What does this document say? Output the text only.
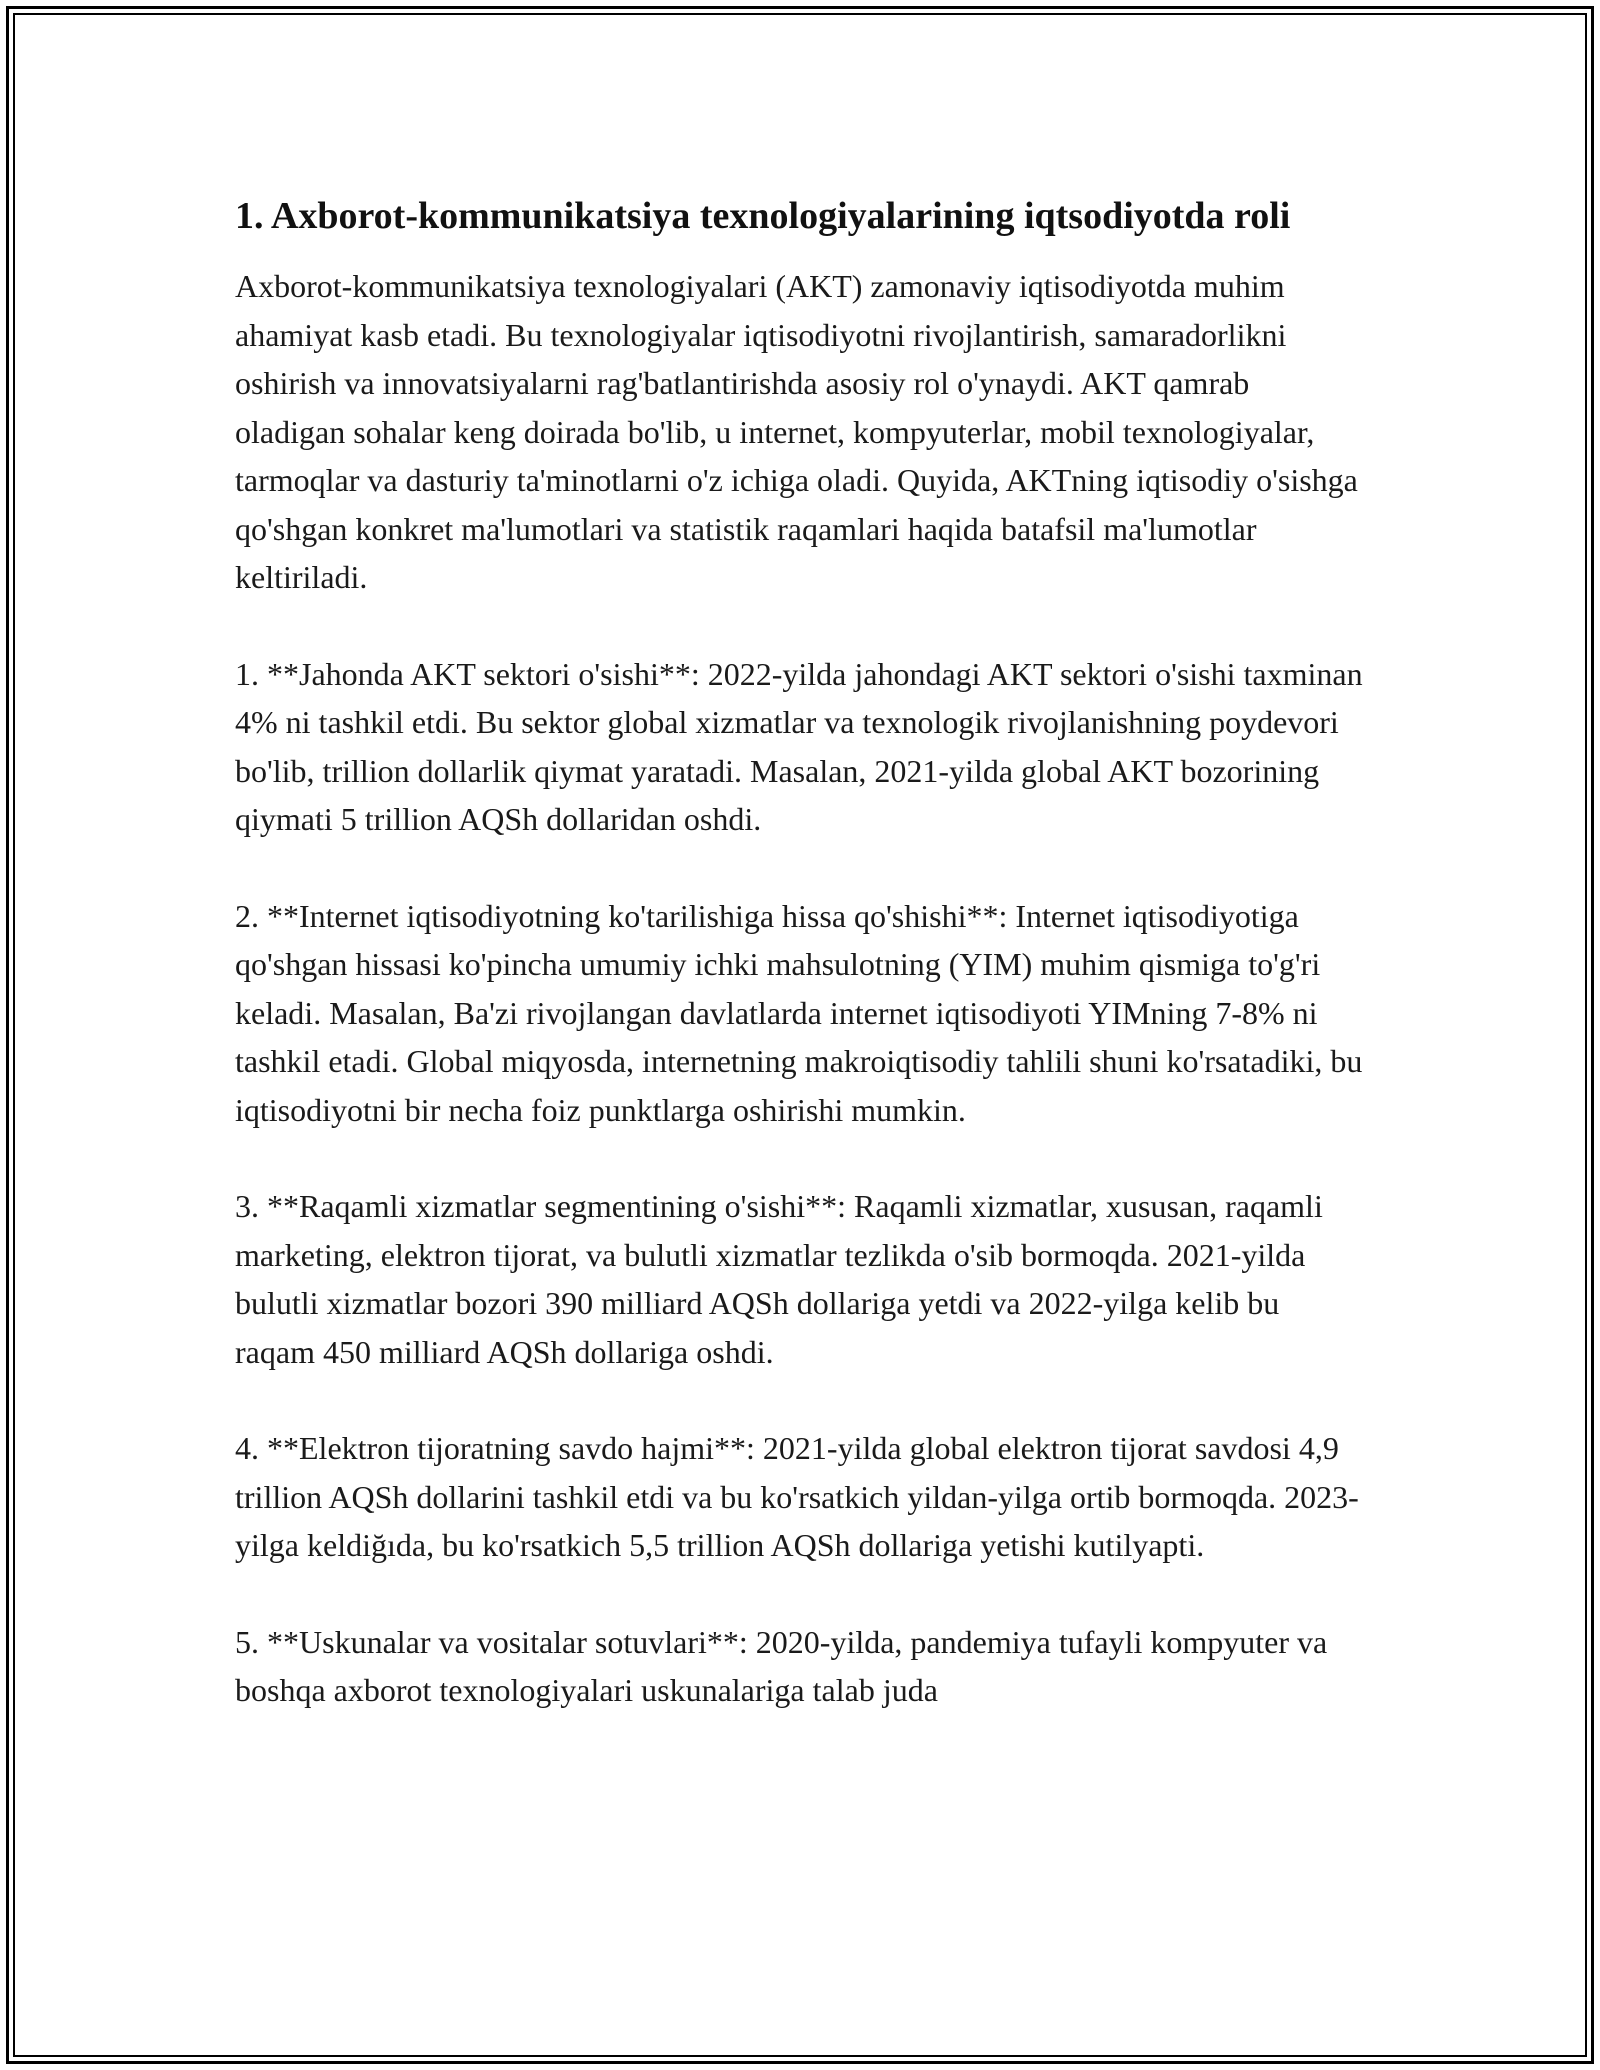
1. Axborot-kommunikatsiya texnologiyalarining iqtsodiyotda roli

Axborot-kommunikatsiya texnologiyalari (AKT) zamonaviy iqtisodiyotda muhim ahamiyat kasb etadi. Bu texnologiyalar iqtisodiyotni rivojlantirish, samaradorlikni oshirish va innovatsiyalarni rag'batlantirishda asosiy rol o'ynaydi. AKT qamrab oladigan sohalar keng doirada bo'lib, u internet, kompyuterlar, mobil texnologiyalar, tarmoqlar va dasturiy ta'minotlarni o'z ichiga oladi. Quyida, AKTning iqtisodiy o'sishga qo'shgan konkret ma'lumotlari va statistik raqamlari haqida batafsil ma'lumotlar keltiriladi.

1. **Jahonda AKT sektori o'sishi**: 2022-yilda jahondagi AKT sektori o'sishi taxminan 4% ni tashkil etdi. Bu sektor global xizmatlar va texnologik rivojlanishning poydevori bo'lib, trillion dollarlik qiymat yaratadi. Masalan, 2021-yilda global AKT bozorining qiymati 5 trillion AQSh dollaridan oshdi.

2. **Internet iqtisodiyotning ko'tarilishiga hissa qo'shishi**: Internet iqtisodiyotiga qo'shgan hissasi ko'pincha umumiy ichki mahsulotning (YIM) muhim qismiga to'g'ri keladi. Masalan, Ba'zi rivojlangan davlatlarda internet iqtisodiyoti YIMning 7-8% ni tashkil etadi. Global miqyosda, internetning makroiqtisodiy tahlili shuni ko'rsatadiki, bu iqtisodiyotni bir necha foiz punktlarga oshirishi mumkin.

3. **Raqamli xizmatlar segmentining o'sishi**: Raqamli xizmatlar, xususan, raqamli marketing, elektron tijorat, va bulutli xizmatlar tezlikda o'sib bormoqda. 2021-yilda bulutli xizmatlar bozori 390 milliard AQSh dollariga yetdi va 2022-yilga kelib bu raqam 450 milliard AQSh dollariga oshdi.

4. **Elektron tijoratning savdo hajmi**: 2021-yilda global elektron tijorat savdosi 4,9 trillion AQSh dollarini tashkil etdi va bu ko'rsatkich yildan-yilga ortib bormoqda. 2023-yilga keldiğıda, bu ko'rsatkich 5,5 trillion AQSh dollariga yetishi kutilyapti.

5. **Uskunalar va vositalar sotuvlari**: 2020-yilda, pandemiya tufayli kompyuter va boshqa axborot texnologiyalari uskunalariga talab juda
